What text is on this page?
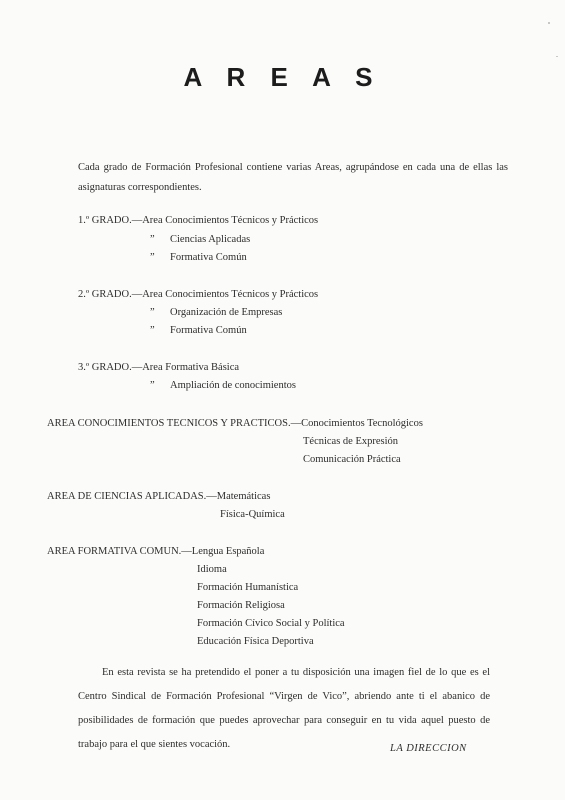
A R E A S
Cada grado de Formación Profesional contiene varias Areas, agrupándose en cada una de ellas las asignaturas correspondientes.
1.º GRADO.—Area Conocimientos Técnicos y Prácticos
” Ciencias Aplicadas
” Formativa Común
2.º GRADO.—Area Conocimientos Técnicos y Prácticos
” Organización de Empresas
” Formativa Común
3.º GRADO.—Area Formativa Básica
” Ampliación de conocimientos
AREA CONOCIMIENTOS TECNICOS Y PRACTICOS.—Conocimientos Tecnológicos
Técnicas de Expresión
Comunicación Práctica
AREA DE CIENCIAS APLICADAS.—Matemáticas
Física-Química
AREA FORMATIVA COMUN.—Lengua Española
Idioma
Formación Humanística
Formación Religiosa
Formación Cívico Social y Política
Educación Física Deportiva
En esta revista se ha pretendido el poner a tu disposición una imagen fiel de lo que es el Centro Sindical de Formación Profesional “Virgen de Vico”, abriendo ante ti el abanico de posibilidades de formación que puedes aprovechar para conseguir en tu vida aquel puesto de trabajo para el que sientes vocación.	LA DIRECCION
